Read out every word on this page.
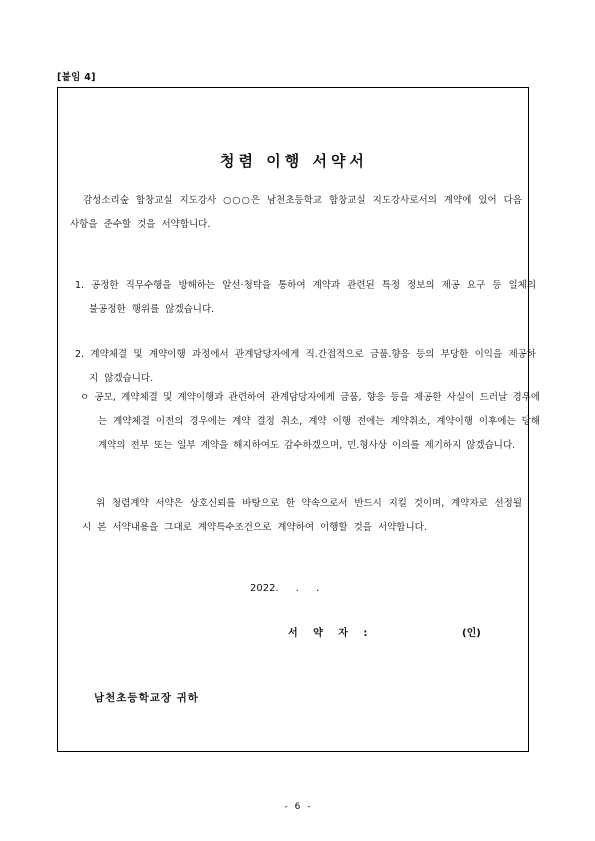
[붙임 4]
청렴 이행 서약서
감성소리숲 합창교실 지도강사 ○○○은 남천초등학교 합창교실 지도강사로서의 계약에 있어 다음 사항을 준수할 것을 서약합니다.
1. 공정한 직무수행을 방해하는 알선·청탁을 통하여 계약과 관련된 특정 정보의 제공 요구 등 일체의 불공정한 행위를 않겠습니다.
2. 계약체결 및 계약이행 과정에서 관계담당자에게 직.간접적으로 금품.향응 등의 부당한 이익을 제공하지 않겠습니다.
ㅇ 공모, 계약체결 및 계약이행과 관련하여 관계담당자에게 금품, 향응 등을 제공한 사실이 드러날 경우에는 계약체결 이전의 경우에는 계약 결정 취소, 계약 이행 전에는 계약취소, 계약이행 이후에는 당해 계약의 전부 또는 일부 계약을 해지하여도 감수하겠으며, 민.형사상 이의를 제기하지 않겠습니다.
위 청렴계약 서약은 상호신뢰를 바탕으로 한 약속으로서 반드시 지킬 것이며, 계약자로 선정될 시 본 서약내용을 그대로 계약특수조건으로 계약하여 이행할 것을 서약합니다.
2022. . .
서 약 자 :	(인)
남천초등학교장 귀하
- 6 -
